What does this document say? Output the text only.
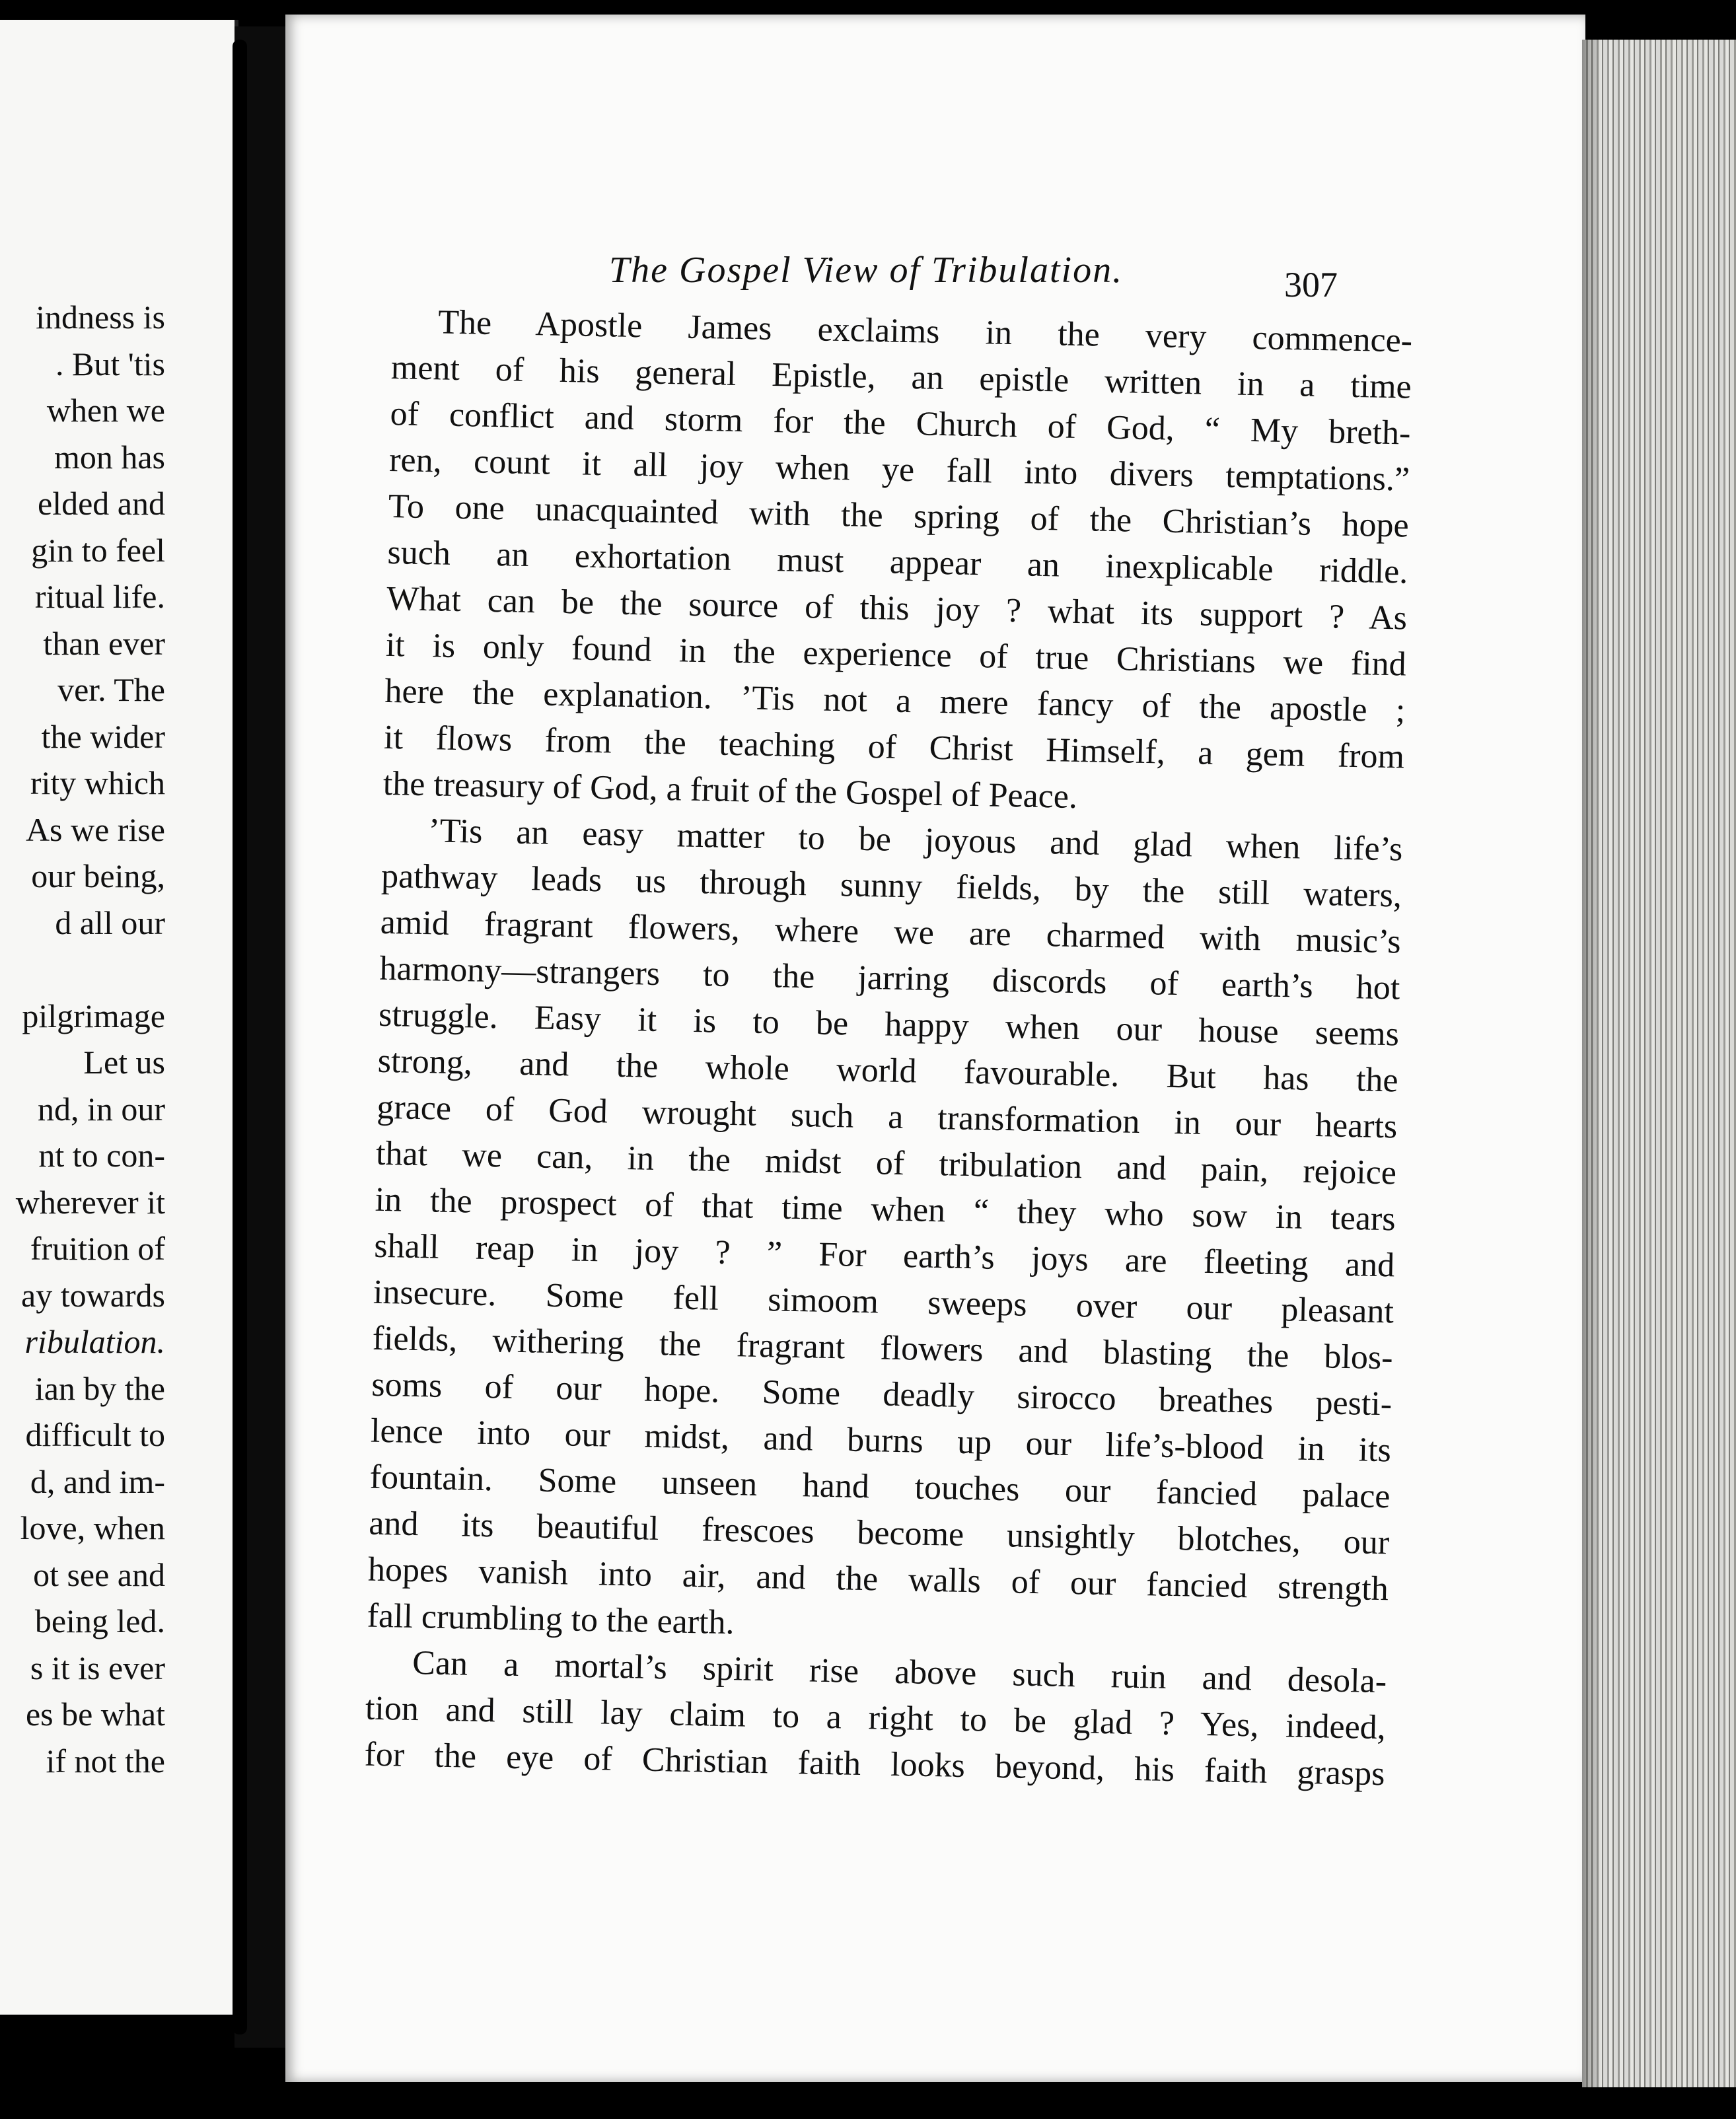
indness is
. But 'tis
when we
mon has
elded and
gin to feel
ritual life.
than ever
ver. The
the wider
rity which
As we rise
our being,
d all our
pilgrimage
Let us
nd, in our
nt to con-
wherever it
fruition of
ay towards
ribulation.
ian by the
difficult to
d, and im-
love, when
ot see and
being led.
s it is ever
es be what
if not the
The Gospel View of Tribulation.	307
The Apostle James exclaims in the very commence-
ment of his general Epistle, an epistle written in a time
of conflict and storm for the Church of God, “ My breth-
ren, count it all joy when ye fall into divers temptations.”
To one unacquainted with the spring of the Christian’s hope
such an exhortation must appear an inexplicable riddle.
What can be the source of this joy ? what its support ? As
it is only found in the experience of true Christians we find
here the explanation. ’Tis not a mere fancy of the apostle ;
it flows from the teaching of Christ Himself, a gem from
the treasury of God, a fruit of the Gospel of Peace.
’Tis an easy matter to be joyous and glad when life’s
pathway leads us through sunny fields, by the still waters,
amid fragrant flowers, where we are charmed with music’s
harmony—strangers to the jarring discords of earth’s hot
struggle. Easy it is to be happy when our house seems
strong, and the whole world favourable. But has the
grace of God wrought such a transformation in our hearts
that we can, in the midst of tribulation and pain, rejoice
in the prospect of that time when “ they who sow in tears
shall reap in joy ? ” For earth’s joys are fleeting and
insecure. Some fell simoom sweeps over our pleasant
fields, withering the fragrant flowers and blasting the blos-
soms of our hope. Some deadly sirocco breathes pesti-
lence into our midst, and burns up our life’s-blood in its
fountain. Some unseen hand touches our fancied palace
and its beautiful frescoes become unsightly blotches, our
hopes vanish into air, and the walls of our fancied strength
fall crumbling to the earth.
Can a mortal’s spirit rise above such ruin and desola-
tion and still lay claim to a right to be glad ? Yes, indeed,
for the eye of Christian faith looks beyond, his faith grasps
